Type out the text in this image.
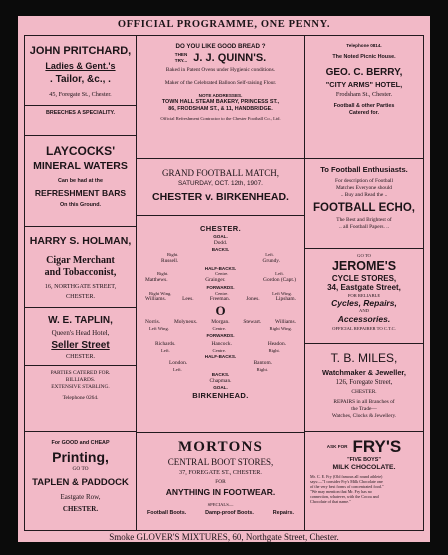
OFFICIAL PROGRAMME, ONE PENNY.
JOHN PRITCHARD,
Ladies & Gent.'s
. Tailor, &c., .
45, Foregate St., Chester.
BREECHES A SPECIALITY.
LAYCOCKS'
MINERAL WATERS
Can be had at the
REFRESHMENT BARS
On this Ground.
HARRY S. HOLMAN,
Cigar Merchant
and Tobacconist,
16, NORTHGATE STREET,
CHESTER.
W. E. TAPLIN,
Queen's Head Hotel,
Seller Street
CHESTER.
PARTIES CATERED FOR.
BILLIARDS.
EXTENSIVE STABLING.
Telephone 0264.
For GOOD and CHEAP
Printing,
GO TO
TAPLEN & PADDOCK
Eastgate Row,
CHESTER.
DO YOU LIKE GOOD BREAD ?
THEN
TRY... J. J. QUINN'S.
Baked in Patent Ovens under Hygienic conditions.
Maker of the Celebrated Balloon Self-raising Flour.
NOTE ADDRESSES.
TOWN HALL STEAM BAKERY, PRINCESS ST.,
86, FRODSHAM ST., & 11, HANDBRIDGE.
Official Refreshment Contractor to the Chester Football Co., Ltd.
GRAND FOOTBALL MATCH,
SATURDAY, OCT. 12th, 1907.
CHESTER v. BIRKENHEAD.
CHESTER.
GOAL.
Dodd.
BACKS.
Right.	Left.
Russell.	Grundy.
HALF-BACKS.
Right.	Centre.	Left.
Matthews.	Grainger.	Gordon (Capt.)
FORWARDS.
Right Wing.	Centre.	Left Wing.
Williams.	Lees.	Freeman.	Jones.	Lipsham.
O
Norris.	Molyneux.	Morgan.	Stewart.	Williams.
Left Wing.	Centre.	Right Wing.
FORWARDS.
Richards.	Hancock.	Headon.
Left.	Centre.	Right.
HALF-BACKS.
London.	Bantom.
Left.	Right.
BACKS.
Chapman.
GOAL.
BIRKENHEAD.
MORTONS
CENTRAL BOOT STORES,
37, FOREGATE ST., CHESTER.
FOR
ANYTHING IN FOOTWEAR.
SPECIALS—
Football Boots.	Damp-proof Boots.	Repairs.
Telephone 0814.
The Noted Picnic House.
GEO. C. BERRY,
"CITY ARMS" HOTEL,
Frodsham St., Chester.
Football & other Parties
Catered for.
To Football Enthusiasts.
For description of Football
Matches Everyone should
.. Buy and Read the ..
FOOTBALL ECHO,
The Best and Brightest of
.. all Football Papers. ..
GO TO
JEROME'S
CYCLE STORES,
34, Eastgate Street,
FOR RELIABLE
Cycles, Repairs,
AND
Accessories.
OFFICIAL REPAIRER TO C.T.C.
T. B. MILES,
Watchmaker & Jeweller,
126, Foregate Street,
CHESTER.
REPAIRS in all Branches of
the Trade—
Watches, Clocks & Jewellery.
ASK FOR FRY'S
"FIVE BOYS"
MILK CHOCOLATE.
Mr. C. E. Fry (Old famous all round athlete)
says:—"I consider Fry's Milk Chocolate one
of the very best forms of concentrated food."
"We may mention that Mr. Fry has no
connection, whatever, with the Cocoa and
Chocolate of that name."
Smoke GLOVER'S MIXTURES, 60, Northgate Street, Chester.
